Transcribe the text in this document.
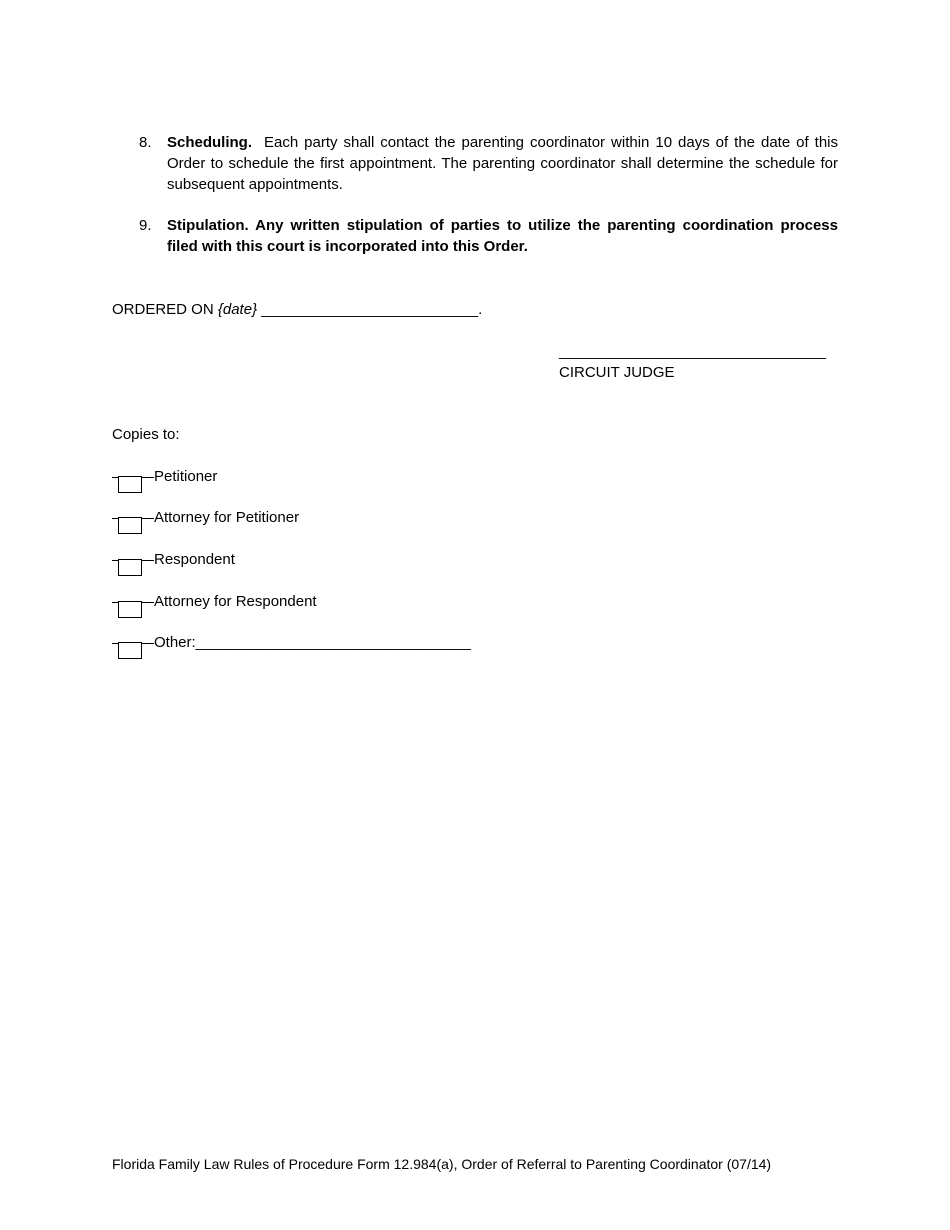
8. Scheduling. Each party shall contact the parenting coordinator within 10 days of the date of this Order to schedule the first appointment. The parenting coordinator shall determine the schedule for subsequent appointments.
9. Stipulation. Any written stipulation of parties to utilize the parenting coordination process filed with this court is incorporated into this Order.
ORDERED ON {date} __________________________.
________________________________
CIRCUIT JUDGE
Copies to:
Petitioner
Attorney for Petitioner
Respondent
Attorney for Respondent
Other:_________________________________
Florida Family Law Rules of Procedure Form 12.984(a), Order of Referral to Parenting Coordinator (07/14)
